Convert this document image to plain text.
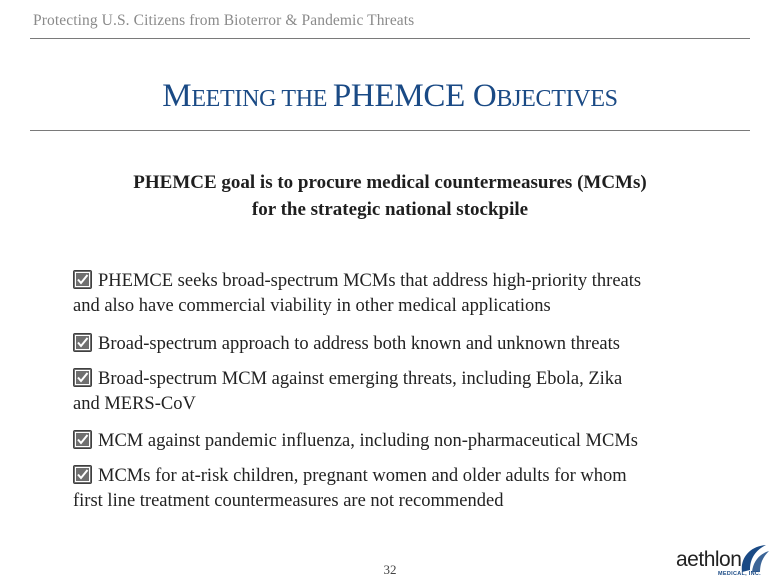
Protecting U.S. Citizens from Bioterror & Pandemic Threats
MEETING THE PHEMCE OBJECTIVES
PHEMCE goal is to procure medical countermeasures (MCMs)
for the strategic national stockpile
PHEMCE seeks broad-spectrum MCMs that address high-priority threats
and also have commercial viability in other medical applications
Broad-spectrum approach to address both known and unknown threats
Broad-spectrum MCM against emerging threats, including Ebola, Zika
and MERS-CoV
MCM against pandemic influenza, including non-pharmaceutical MCMs
MCMs for at-risk children, pregnant women and older adults for whom
first line treatment countermeasures are not recommended
32	aethlon
MEDICAL, INC.
